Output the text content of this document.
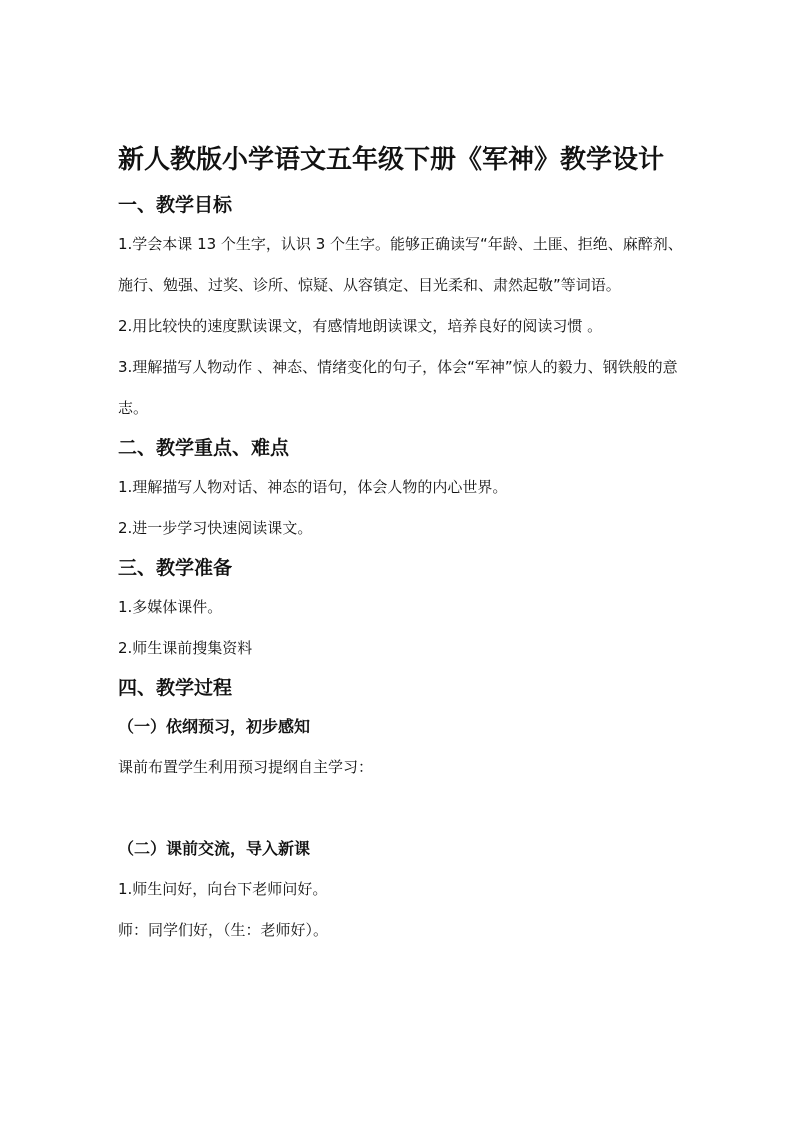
新人教版小学语文五年级下册《军神》教学设计
一、教学目标

1.学会本课 13 个生字，认识 3 个生字。能够正确读写“年龄、土匪、拒绝、麻醉剂、施行、勉强、过奖、诊所、惊疑、从容镇定、目光柔和、肃然起敬”等词语。

2.用比较快的速度默读课文，有感情地朗读课文，培养良好的阅读习惯 。

3.理解描写人物动作 、神态、情绪变化的句子，体会“军神”惊人的毅力、钢铁般的意志。

二、教学重点、难点

1.理解描写人物对话、神态的语句，体会人物的内心世界。

2.进一步学习快速阅读课文。

三、教学准备

1.多媒体课件。

2.师生课前搜集资料

四、教学过程
（一）依纲预习，初步感知

课前布置学生利用预习提纲自主学习：

（二）课前交流，导入新课

1.师生问好，向台下老师问好。

师：同学们好，（生：老师好）。
